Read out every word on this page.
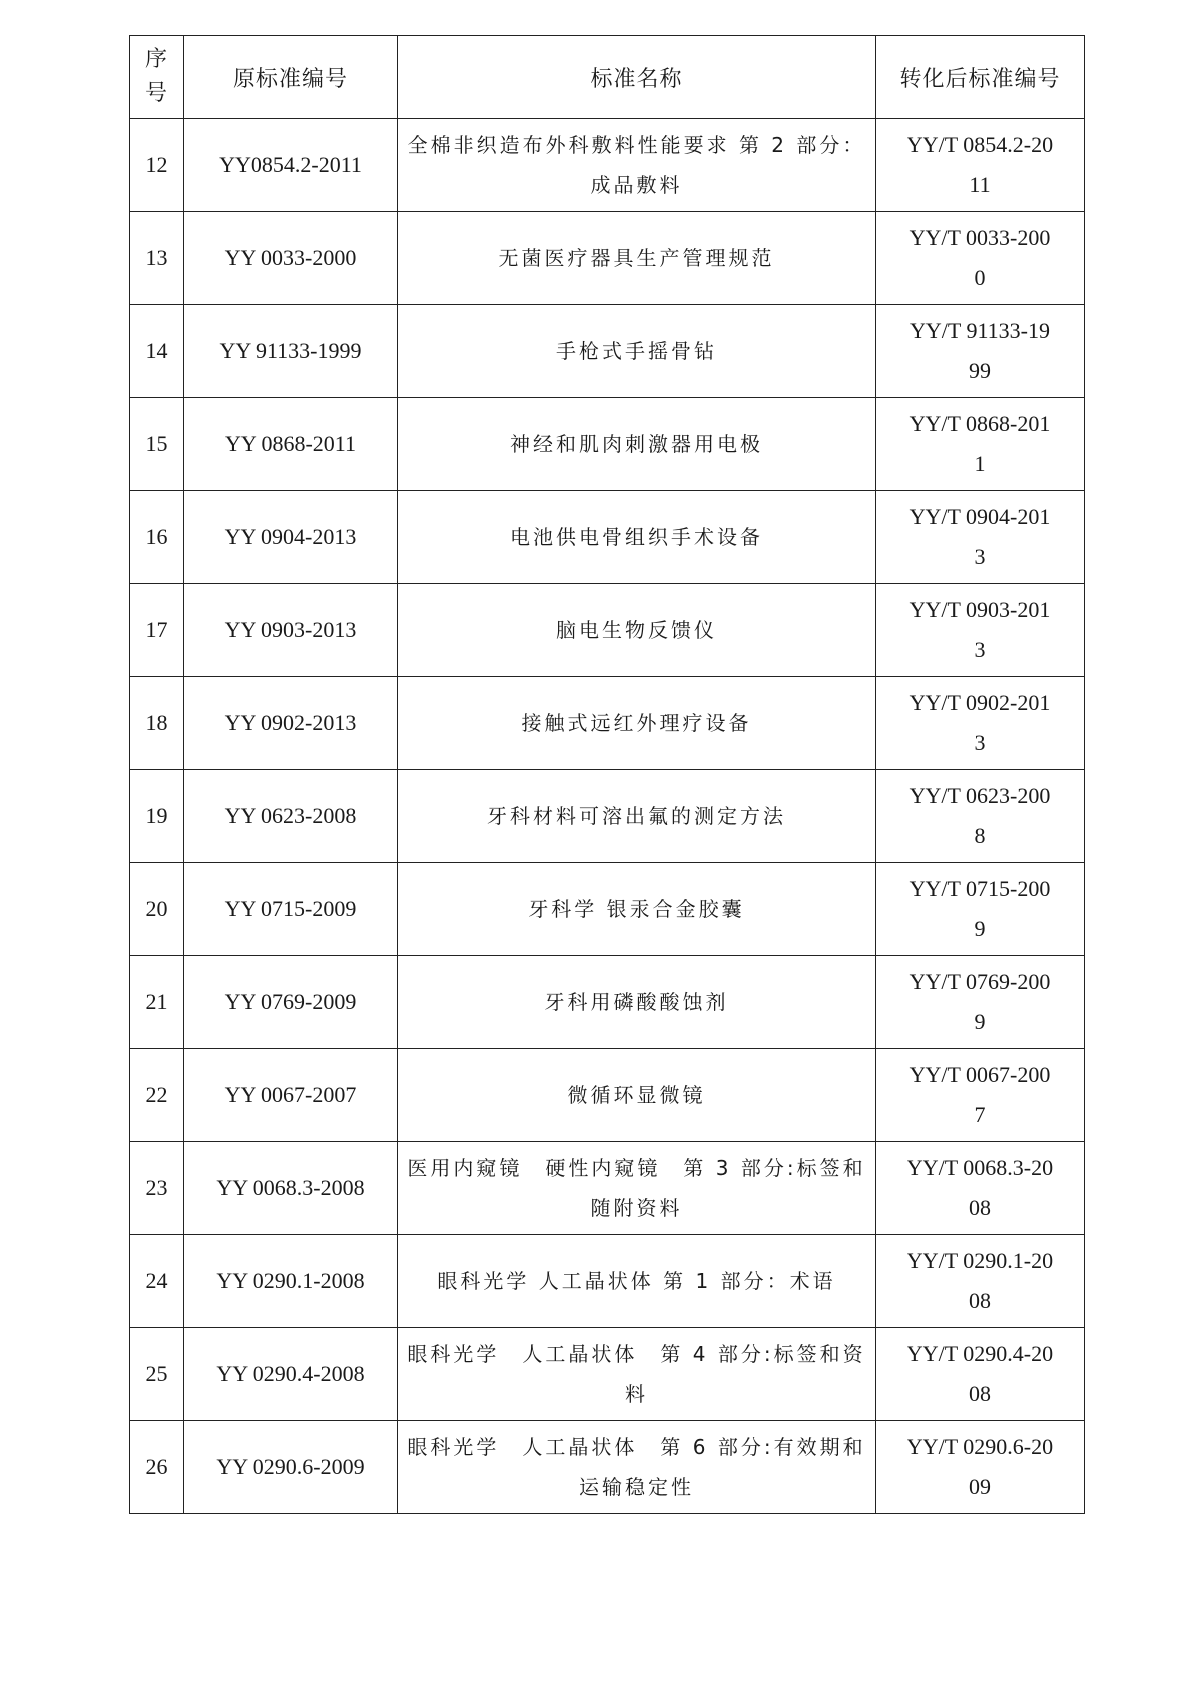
序号	原标准编号	标准名称	转化后标准编号
12	YY0854.2-2011	全棉非织造布外科敷料性能要求 第 2 部分：成品敷料	YY/T 0854.2-2011
13	YY 0033-2000	无菌医疗器具生产管理规范	YY/T 0033-2000
14	YY 91133-1999	手枪式手摇骨钻	YY/T 91133-1999
15	YY 0868-2011	神经和肌肉刺激器用电极	YY/T 0868-2011
16	YY 0904-2013	电池供电骨组织手术设备	YY/T 0904-2013
17	YY 0903-2013	脑电生物反馈仪	YY/T 0903-2013
18	YY 0902-2013	接触式远红外理疗设备	YY/T 0902-2013
19	YY 0623-2008	牙科材料可溶出氟的测定方法	YY/T 0623-2008
20	YY 0715-2009	牙科学 银汞合金胶囊	YY/T 0715-2009
21	YY 0769-2009	牙科用磷酸酸蚀剂	YY/T 0769-2009
22	YY 0067-2007	微循环显微镜	YY/T 0067-2007
23	YY 0068.3-2008	医用内窥镜　硬性内窥镜　第 3 部分:标签和随附资料	YY/T 0068.3-2008
24	YY 0290.1-2008	眼科光学 人工晶状体 第 1 部分：术语	YY/T 0290.1-2008
25	YY 0290.4-2008	眼科光学　人工晶状体　第 4 部分:标签和资料	YY/T 0290.4-2008
26	YY 0290.6-2009	眼科光学　人工晶状体　第 6 部分:有效期和运输稳定性	YY/T 0290.6-2009
